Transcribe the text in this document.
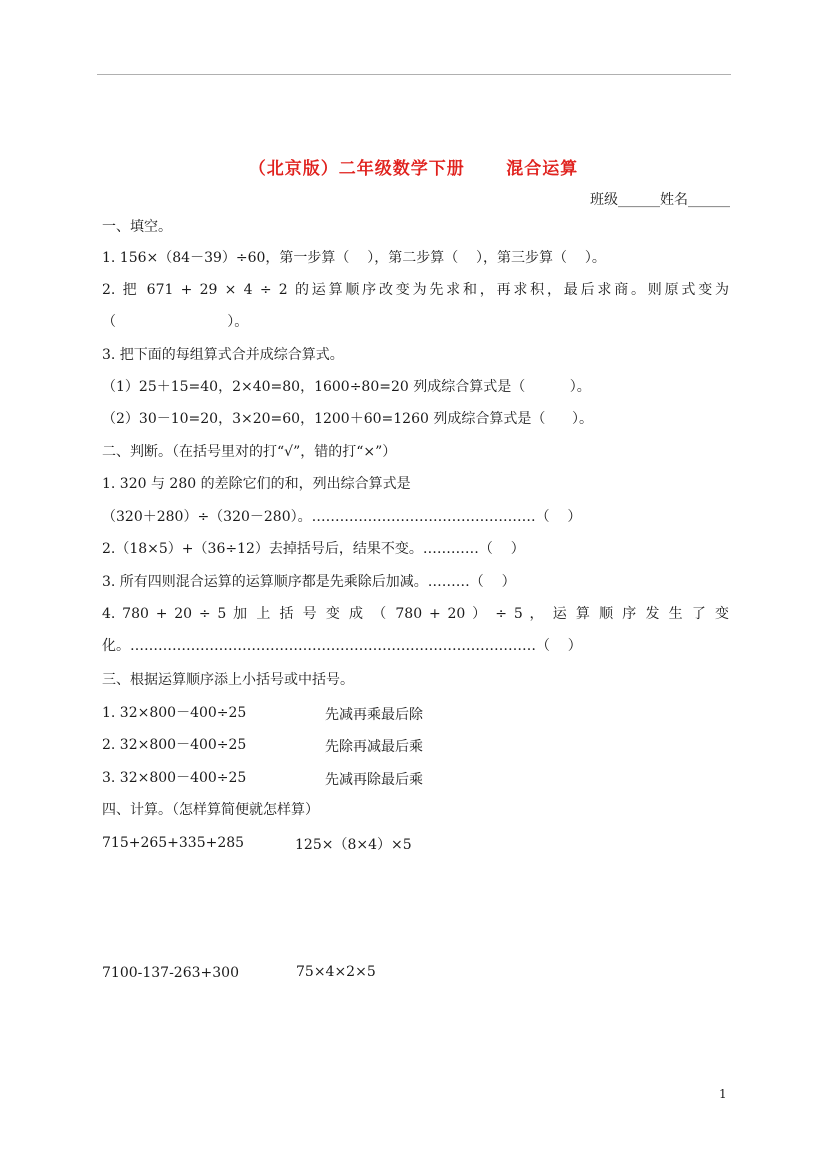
（北京版）二年级数学下册      混合运算
班级______姓名______
一、填空。
1. 156×（84－39）÷60，第一步算（    ），第二步算（    ），第三步算（    ）。
2. 把 671 + 29 × 4 ÷ 2 的运算顺序改变为先求和，再求积，最后求商。则原式变为
（                         ）。
3. 把下面的每组算式合并成综合算式。
（1）25＋15=40，2×40=80，1600÷80=20 列成综合算式是（          ）。
（2）30－10=20，3×20=60，1200＋60=1260 列成综合算式是（      ）。
二、判断。（在括号里对的打“√”，错的打“×”）
1. 320 与 280 的差除它们的和，列出综合算式是
（320＋280）÷（320－280）。…………………………………………（    ）
2.（18×5）+（36÷12）去掉括号后，结果不变。…………（    ）
3. 所有四则混合运算的运算顺序都是先乘除后加减。………（    ）
4. 780 + 20 ÷ 5 加 上 括 号 变 成 （ 780 + 20 ） ÷ 5 ， 运 算 顺 序 发 生 了 变
化。……………………………………………………………………………（    ）
三、根据运算顺序添上小括号或中括号。
1. 32×800－400÷25	先减再乘最后除
2. 32×800－400÷25	先除再减最后乘
3. 32×800－400÷25	先减再除最后乘
四、计算。（怎样算简便就怎样算）
715+265+335+285	125×（8×4）×5
7100-137-263+300	75×4×2×5
1
